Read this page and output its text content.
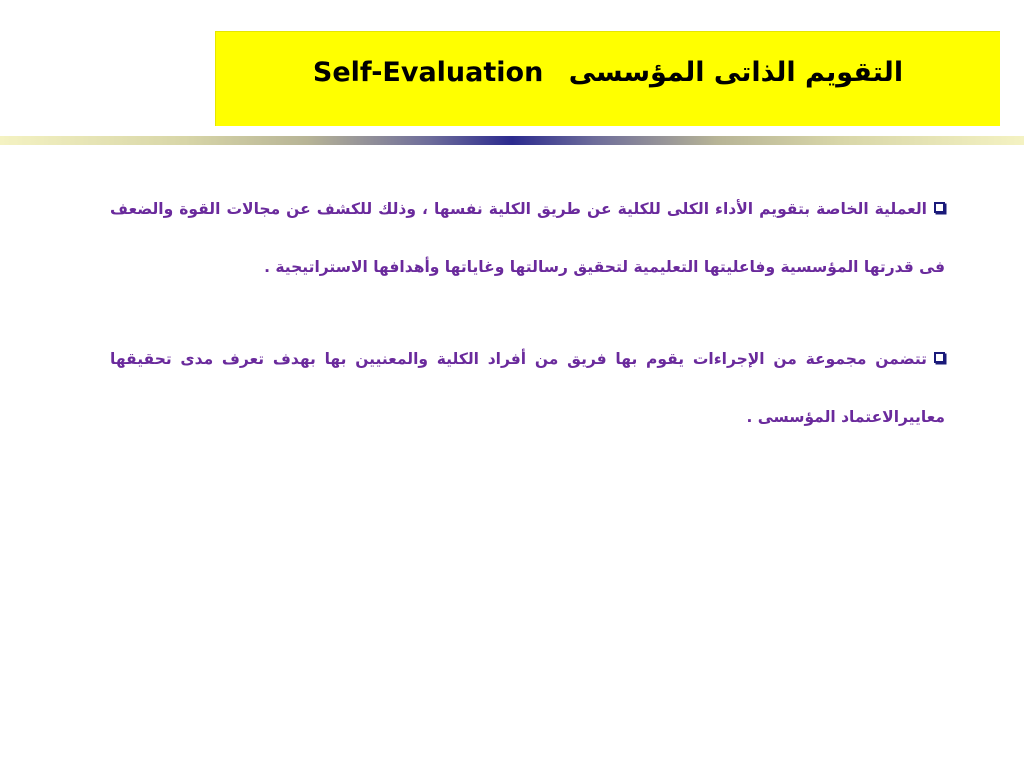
التقويم الذاتى المؤسسى Self-Evaluation

العملية الخاصة بتقويم الأداء الكلى للكلية عن طريق الكلية نفسها ، وذلك للكشف عن مجالات القوة والضعف فى قدرتها المؤسسية وفاعليتها التعليمية لتحقيق رسالتها وغاياتها وأهدافها الاستراتيجية .

تتضمن مجموعة من الإجراءات يقوم بها فريق من أفراد الكلية والمعنيين بها بهدف تعرف مدى تحقيقها معاييرالاعتماد المؤسسى .
